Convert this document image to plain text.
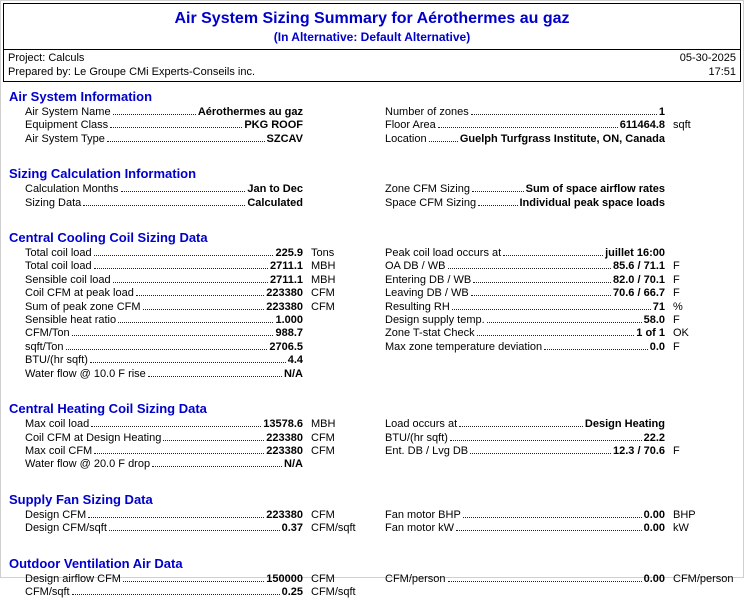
Air System Sizing Summary for Aérothermes au gaz
(In Alternative: Default Alternative)
Project: Calculs	05-30-2025
Prepared by: Le Groupe CMi Experts-Conseils inc.	17:51
Air System Information
Air System Name	Aérothermes au gaz
Equipment Class	PKG ROOF
Air System Type	SZCAV
Number of zones	1
Floor Area	611464.8 sqft
Location	Guelph Turfgrass Institute, ON, Canada
Sizing Calculation Information
Calculation Months	Jan to Dec
Sizing Data	Calculated
Zone CFM Sizing	Sum of space airflow rates
Space CFM Sizing	Individual peak space loads
Central Cooling Coil Sizing Data
Total coil load	225.9 Tons
Total coil load	2711.1 MBH
Sensible coil load	2711.1 MBH
Coil CFM at peak load	223380 CFM
Sum of peak zone CFM	223380 CFM
Sensible heat ratio	1.000
CFM/Ton	988.7
sqft/Ton	2706.5
BTU/(hr sqft)	4.4
Water flow @ 10.0 F rise	N/A
Peak coil load occurs at	juillet 16:00
OA DB / WB	85.6 / 71.1 F
Entering DB / WB	82.0 / 70.1 F
Leaving DB / WB	70.6 / 66.7 F
Resulting RH	71 %
Design supply temp.	58.0 F
Zone T-stat Check	1 of 1 OK
Max zone temperature deviation	0.0 F
Central Heating Coil Sizing Data
Max coil load	13578.6 MBH
Coil CFM at Design Heating	223380 CFM
Max coil CFM	223380 CFM
Water flow @ 20.0 F drop	N/A
Load occurs at	Design Heating
BTU/(hr sqft)	22.2
Ent. DB / Lvg DB	12.3 / 70.6 F
Supply Fan Sizing Data
Design CFM	223380 CFM
Design CFM/sqft	0.37 CFM/sqft
Fan motor BHP	0.00 BHP
Fan motor kW	0.00 kW
Outdoor Ventilation Air Data
Design airflow CFM	150000 CFM
CFM/sqft	0.25 CFM/sqft
CFM/person	0.00 CFM/person
